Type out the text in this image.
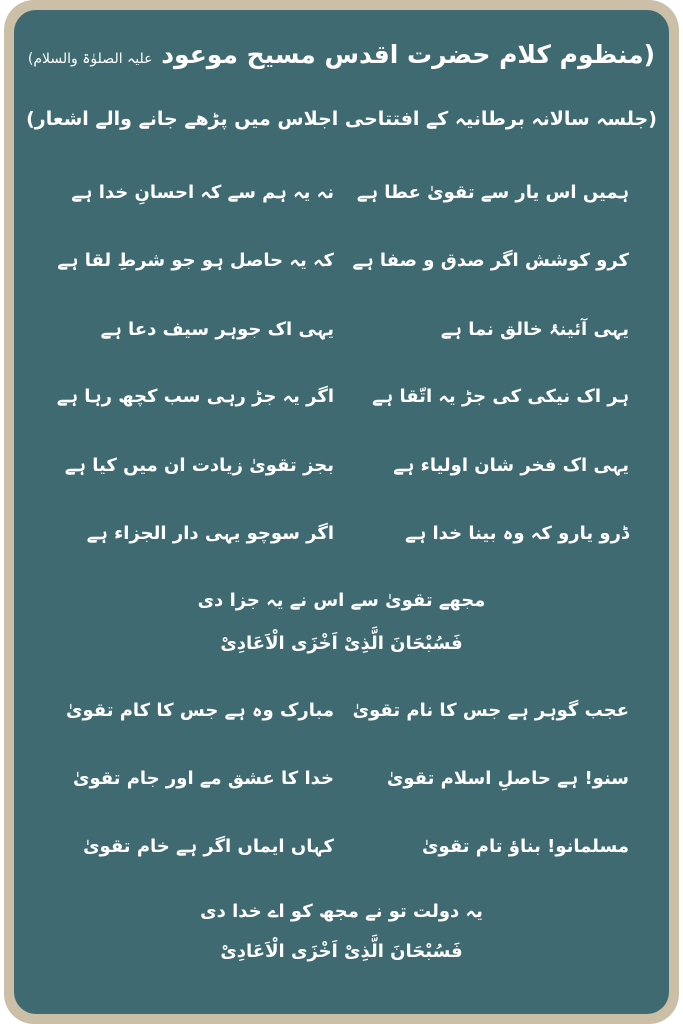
(منظوم کلام حضرت اقدس مسیح موعود علیہ الصلوٰۃ والسلام)
(جلسہ سالانہ برطانیہ کے افتتاحی اجلاس میں پڑھے جانے والے اشعار)
ہمیں اس یار سے تقویٰ عطا ہے
نہ یہ ہم سے کہ احسانِ خدا ہے
کرو کوشش اگر صدق و صفا ہے
کہ یہ حاصل ہو جو شرطِ لقا ہے
یہی آئینۂ خالق نما ہے
یہی اک جوہر سیف دعا ہے
ہر اک نیکی کی جڑ یہ اتّقا ہے
اگر یہ جڑ رہی سب کچھ رہا ہے
یہی اک فخر شان اولیاء ہے
بجز تقویٰ زیادت ان میں کیا ہے
ڈرو یارو کہ وہ بینا خدا ہے
اگر سوچو یہی دار الجزاء ہے
مجھے تقویٰ سے اس نے یہ جزا دی
فَسُبْحَانَ الَّذِیْ اَخْزَی الْاَعَادِیْ
عجب گوہر ہے جس کا نام تقویٰ
مبارک وہ ہے جس کا کام تقویٰ
سنو! ہے حاصلِ اسلام تقویٰ
خدا کا عشق مے اور جام تقویٰ
مسلمانو! بناؤ تام تقویٰ
کہاں ایماں اگر ہے خام تقویٰ
یہ دولت تو نے مجھ کو اے خدا دی
فَسُبْحَانَ الَّذِیْ اَخْزَی الْاَعَادِیْ
